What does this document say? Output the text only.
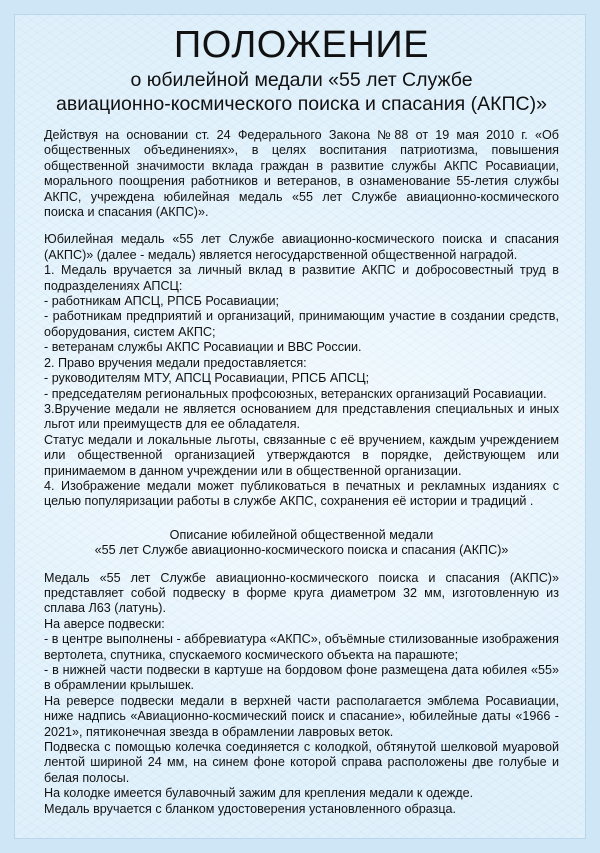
ПОЛОЖЕНИЕ
о юбилейной медали «55 лет Службе
авиационно-космического поиска и спасания (АКПС)»

Действуя на основании ст. 24 Федерального Закона №88 от 19 мая 2010 г. «Об общественных объединениях», в целях воспитания патриотизма, повышения общественной значимости вклада граждан в развитие службы АКПС Росавиации, морального поощрения работников и ветеранов, в ознаменование 55-летия службы АКПС, учреждена юбилейная медаль «55 лет Службе авиационно-космического поиска и спасания (АКПС)».

Юбилейная медаль «55 лет Службе авиационно-космического поиска и спасания (АКПС)» (далее - медаль) является негосударственной общественной наградой.

1. Медаль вручается за личный вклад в развитие АКПС и добросовестный труд в подразделениях АПСЦ:

- работникам АПСЦ, РПСБ Росавиации;

- работникам предприятий и организаций, принимающим участие в создании средств, оборудования, систем АКПС;

- ветеранам службы АКПС Росавиации и ВВС России.

2. Право вручения медали предоставляется:

- руководителям МТУ, АПСЦ Росавиации, РПСБ АПСЦ;

- председателям региональных профсоюзных, ветеранских организаций Росавиации.

3.Вручение медали не является основанием для представления специальных и иных льгот или преимуществ для ее обладателя.

Статус медали и локальные льготы, связанные с её вручением, каждым учреждением или общественной организацией утверждаются в порядке, действующем или принимаемом в данном учреждении или в общественной организации.

4. Изображение медали может публиковаться в печатных и рекламных изданиях с целью популяризации работы в службе АКПС, сохранения её истории и традиций .

Описание юбилейной общественной медали
«55 лет Службе авиационно-космического поиска и спасания (АКПС)»

Медаль «55 лет Службе авиационно-космического поиска и спасания (АКПС)» представляет собой подвеску в форме круга диаметром 32 мм, изготовленную из сплава Л63 (латунь).

На аверсе подвески:

- в центре выполнены - аббревиатура «АКПС», объёмные стилизованные изображения вертолета, спутника, спускаемого космического объекта на парашюте;

- в нижней части подвески в картуше на бордовом фоне размещена дата юбилея «55» в обрамлении крылышек.

На реверсе подвески медали в верхней части располагается эмблема Росавиации, ниже надпись «Авиационно-космический поиск и спасание», юбилейные даты «1966 - 2021», пятиконечная звезда в обрамлении лавровых веток.

Подвеска с помощью колечка соединяется с колодкой, обтянутой шелковой муаровой лентой шириной 24 мм, на синем фоне которой справа расположены две голубые и белая полосы.

На колодке имеется булавочный зажим для крепления медали к одежде.

Медаль вручается с бланком удостоверения установленного образца.
